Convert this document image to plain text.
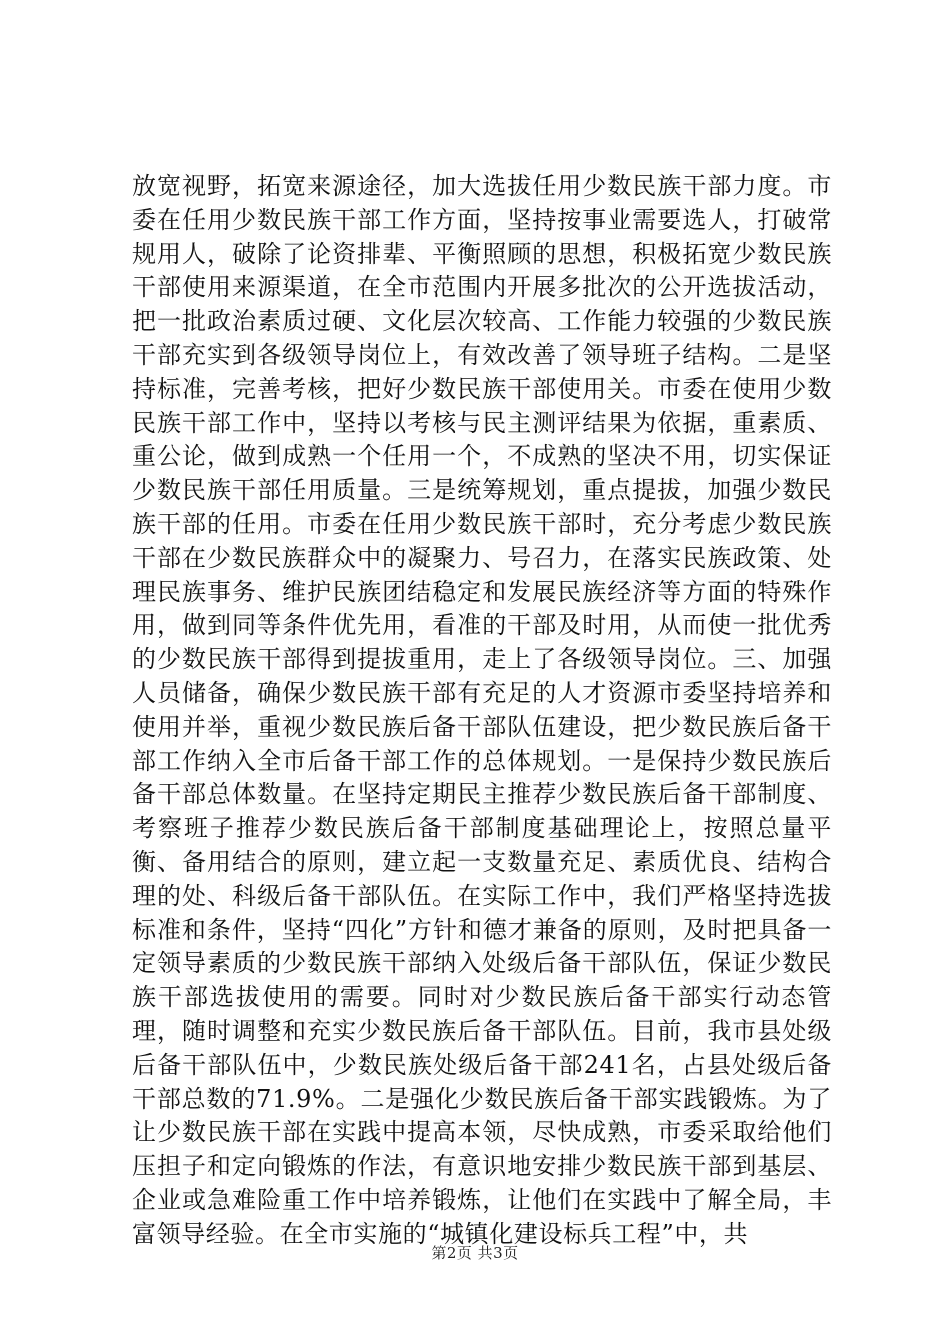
放宽视野，拓宽来源途径，加大选拔任用少数民族干部力度。市委在任用少数民族干部工作方面，坚持按事业需要选人，打破常规用人，破除了论资排辈、平衡照顾的思想，积极拓宽少数民族干部使用来源渠道，在全市范围内开展多批次的公开选拔活动，把一批政治素质过硬、文化层次较高、工作能力较强的少数民族干部充实到各级领导岗位上，有效改善了领导班子结构。二是坚持标准，完善考核，把好少数民族干部使用关。市委在使用少数民族干部工作中，坚持以考核与民主测评结果为依据，重素质、重公论，做到成熟一个任用一个，不成熟的坚决不用，切实保证少数民族干部任用质量。三是统筹规划，重点提拔，加强少数民族干部的任用。市委在任用少数民族干部时，充分考虑少数民族干部在少数民族群众中的凝聚力、号召力，在落实民族政策、处理民族事务、维护民族团结稳定和发展民族经济等方面的特殊作用，做到同等条件优先用，看准的干部及时用，从而使一批优秀的少数民族干部得到提拔重用，走上了各级领导岗位。三、加强人员储备，确保少数民族干部有充足的人才资源市委坚持培养和使用并举，重视少数民族后备干部队伍建设，把少数民族后备干部工作纳入全市后备干部工作的总体规划。一是保持少数民族后备干部总体数量。在坚持定期民主推荐少数民族后备干部制度、考察班子推荐少数民族后备干部制度基础理论上，按照总量平衡、备用结合的原则，建立起一支数量充足、素质优良、结构合理的处、科级后备干部队伍。在实际工作中，我们严格坚持选拔标准和条件，坚持“四化”方针和德才兼备的原则，及时把具备一定领导素质的少数民族干部纳入处级后备干部队伍，保证少数民族干部选拔使用的需要。同时对少数民族后备干部实行动态管理，随时调整和充实少数民族后备干部队伍。目前，我市县处级后备干部队伍中，少数民族处级后备干部241名，占县处级后备干部总数的71.9%。二是强化少数民族后备干部实践锻炼。为了让少数民族干部在实践中提高本领，尽快成熟，市委采取给他们压担子和定向锻炼的作法，有意识地安排少数民族干部到基层、企业或急难险重工作中培养锻炼，让他们在实践中了解全局，丰富领导经验。在全市实施的“城镇化建设标兵工程”中，共

第2页 共3页
